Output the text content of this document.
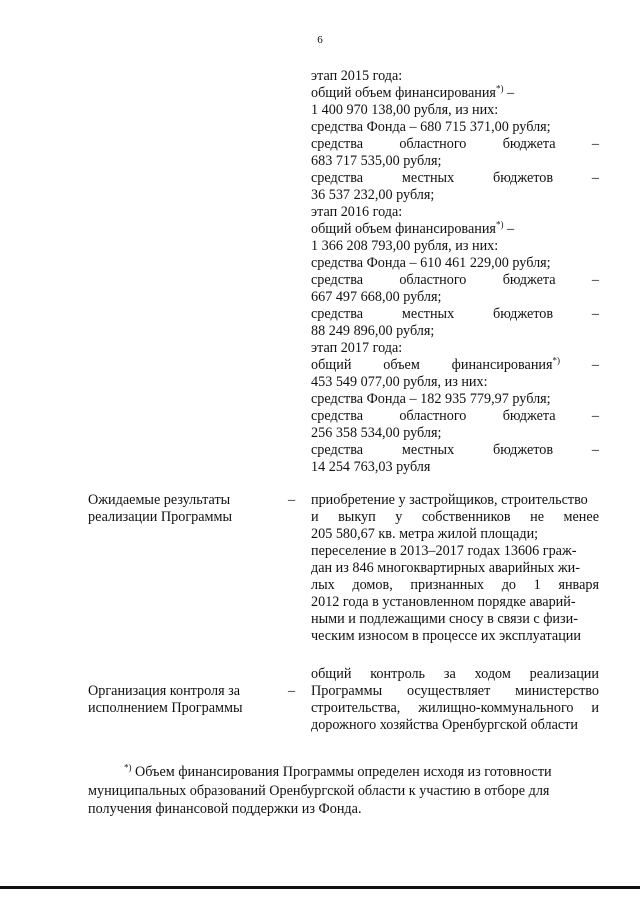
6
этап 2015 года:
общий объем финансирования*) –
1 400 970 138,00 рубля, из них:
средства Фонда – 680 715 371,00 рубля;
средства	областного	бюджета	–
683 717 535,00 рубля;
средства	местных	бюджетов	–
36 537 232,00 рубля;
этап 2016 года:
общий объем финансирования*) –
1 366 208 793,00 рубля, из них:
средства Фонда – 610 461 229,00 рубля;
средства	областного	бюджета	–
667 497 668,00 рубля;
средства	местных	бюджетов	–
88 249 896,00 рубля;
этап 2017 года:
общий объем финансирования*) –
453 549 077,00 рубля, из них:
средства Фонда – 182 935 779,97 рубля;
средства	областного	бюджета	–
256 358 534,00 рубля;
средства	местных	бюджетов	–
14 254 763,03 рубля
Ожидаемые результаты
реализации Программы
– приобретение у застройщиков, строительство
и выкуп у собственников не менее
205 580,67 кв. метра жилой площади;
переселение в 2013–2017 годах 13606 граж-
дан из 846 многоквартирных аварийных жи-
лых домов, признанных до 1 января
2012 года в установленном порядке аварий-
ными и подлежащими сносу в связи с физи-
ческим износом в процессе их эксплуатации
Организация контроля за
исполнением Программы
–
общий контроль за ходом реализации
Программы осуществляет министерство
строительства, жилищно-коммунального и
дорожного хозяйства Оренбургской области
*) Объем финансирования Программы определен исходя из готовности
муниципальных образований Оренбургской области к участию в отборе для
получения финансовой поддержки из Фонда.
